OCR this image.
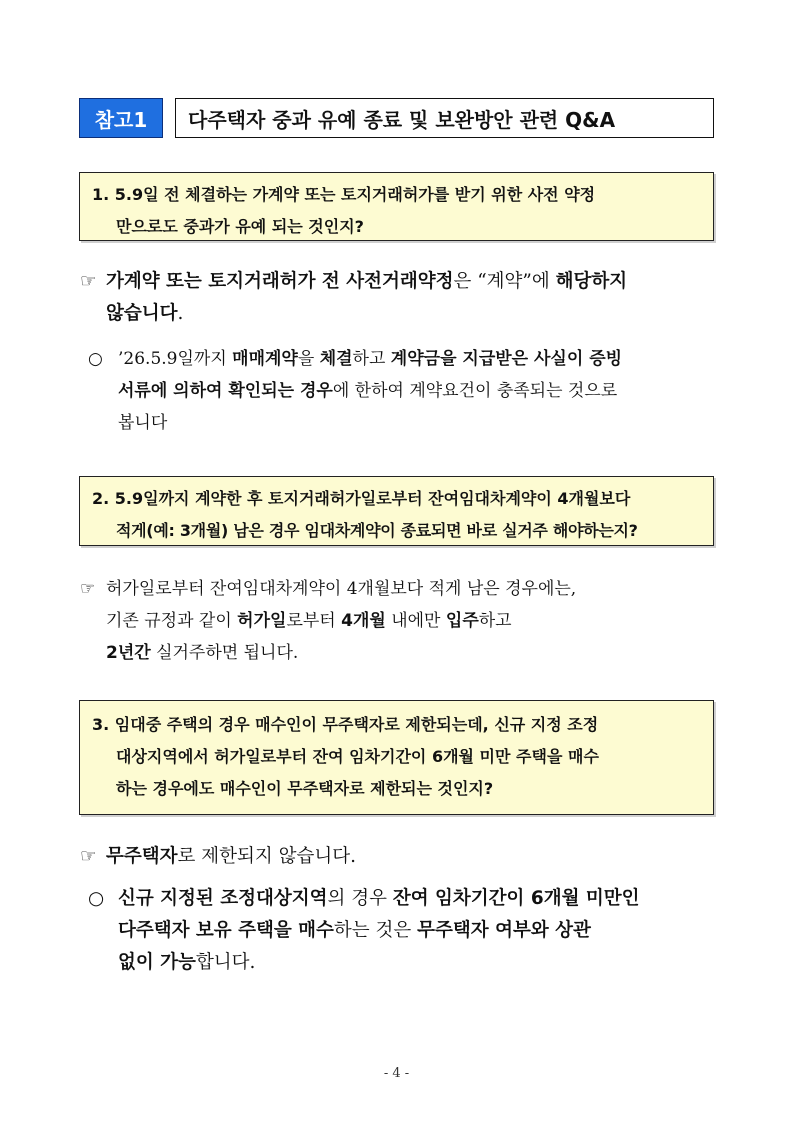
참고1	다주택자 중과 유예 종료 및 보완방안 관련 Q&A
1. 5.9일 전 체결하는 가계약 또는 토지거래허가를 받기 위한 사전 약정
만으로도 중과가 유예 되는 것인지?
☞ 가계약 또는 토지거래허가 전 사전거래약정은 “계약”에 해당하지
않습니다.
○ ’26.5.9일까지 매매계약을 체결하고 계약금을 지급받은 사실이 증빙
서류에 의하여 확인되는 경우에 한하여 계약요건이 충족되는 것으로
봅니다
2. 5.9일까지 계약한 후 토지거래허가일로부터 잔여임대차계약이 4개월보다
적게(예: 3개월) 남은 경우 임대차계약이 종료되면 바로 실거주 해야하는지?
☞ 허가일로부터 잔여임대차계약이 4개월보다 적게 남은 경우에는,
기존 규정과 같이 허가일로부터 4개월 내에만 입주하고
2년간 실거주하면 됩니다.
3. 임대중 주택의 경우 매수인이 무주택자로 제한되는데, 신규 지정 조정
대상지역에서 허가일로부터 잔여 임차기간이 6개월 미만 주택을 매수
하는 경우에도 매수인이 무주택자로 제한되는 것인지?
☞ 무주택자로 제한되지 않습니다.
○ 신규 지정된 조정대상지역의 경우 잔여 임차기간이 6개월 미만인
다주택자 보유 주택을 매수하는 것은 무주택자 여부와 상관
없이 가능합니다.
- 4 -
